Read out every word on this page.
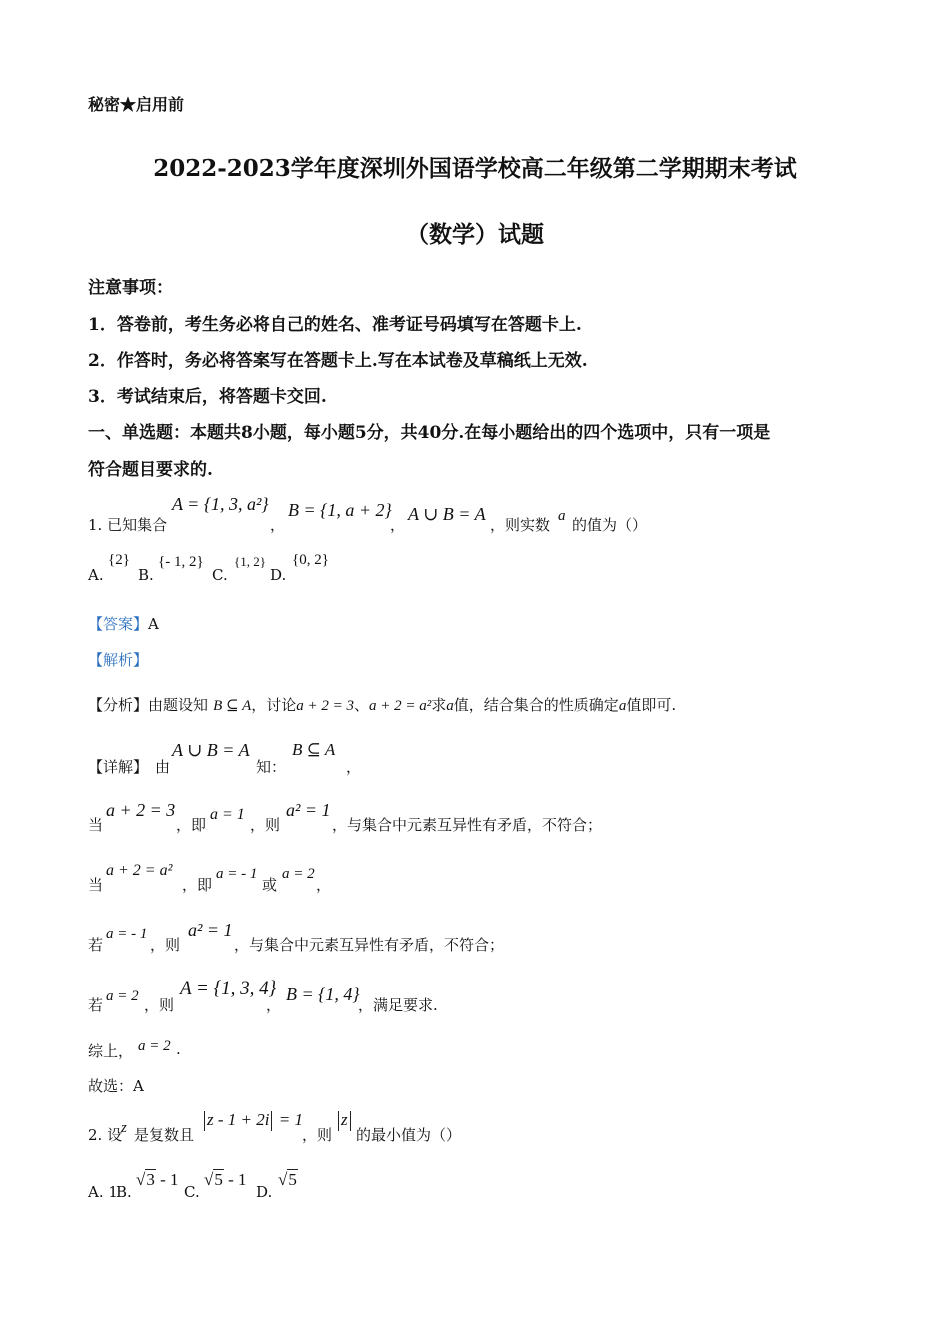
秘密★启用前
2022-2023学年度深圳外国语学校高二年级第二学期期末考试
（数学）试题
注意事项：
1．答卷前，考生务必将自己的姓名、准考证号码填写在答题卡上.
2．作答时，务必将答案写在答题卡上.写在本试卷及草稿纸上无效.
3．考试结束后，将答题卡交回.
一、单选题：本题共8小题，每小题5分，共40分.在每小题给出的四个选项中，只有一项是
符合题目要求的.
1. 已知集合
A = {1, 3, a²}
，
B = {1, a + 2}
，
A ∪ B = A
，则实数 a 的值为（）
A.
{2}
B.
{- 1, 2}
C.
{1, 2}
D.
{0, 2}
【答案】A
【解析】
【分析】由题设知 B ⊆ A，讨论a + 2 = 3、a + 2 = a²求a值，结合集合的性质确定a值即可.
【详解】 由
A ∪ B = A
知：
B ⊆ A
，
当
a + 2 = 3
，即
a = 1
，则
a² = 1
，与集合中元素互异性有矛盾，不符合；
当
a + 2 = a²
，即
a = - 1
或
a = 2
，
若
a = - 1
，则
a² = 1
，与集合中元素互异性有矛盾，不符合；
若 a = 2 ，则
A = {1, 3, 4}
，
B = {1, 4}
，满足要求.
综上， a = 2 .
故选：A
2. 设
z 是复数且
z - 1 + 2i = 1
，则
z
的最小值为（）
A. 1
B.
√3 - 1
C.
√5 - 1
D.
√5
